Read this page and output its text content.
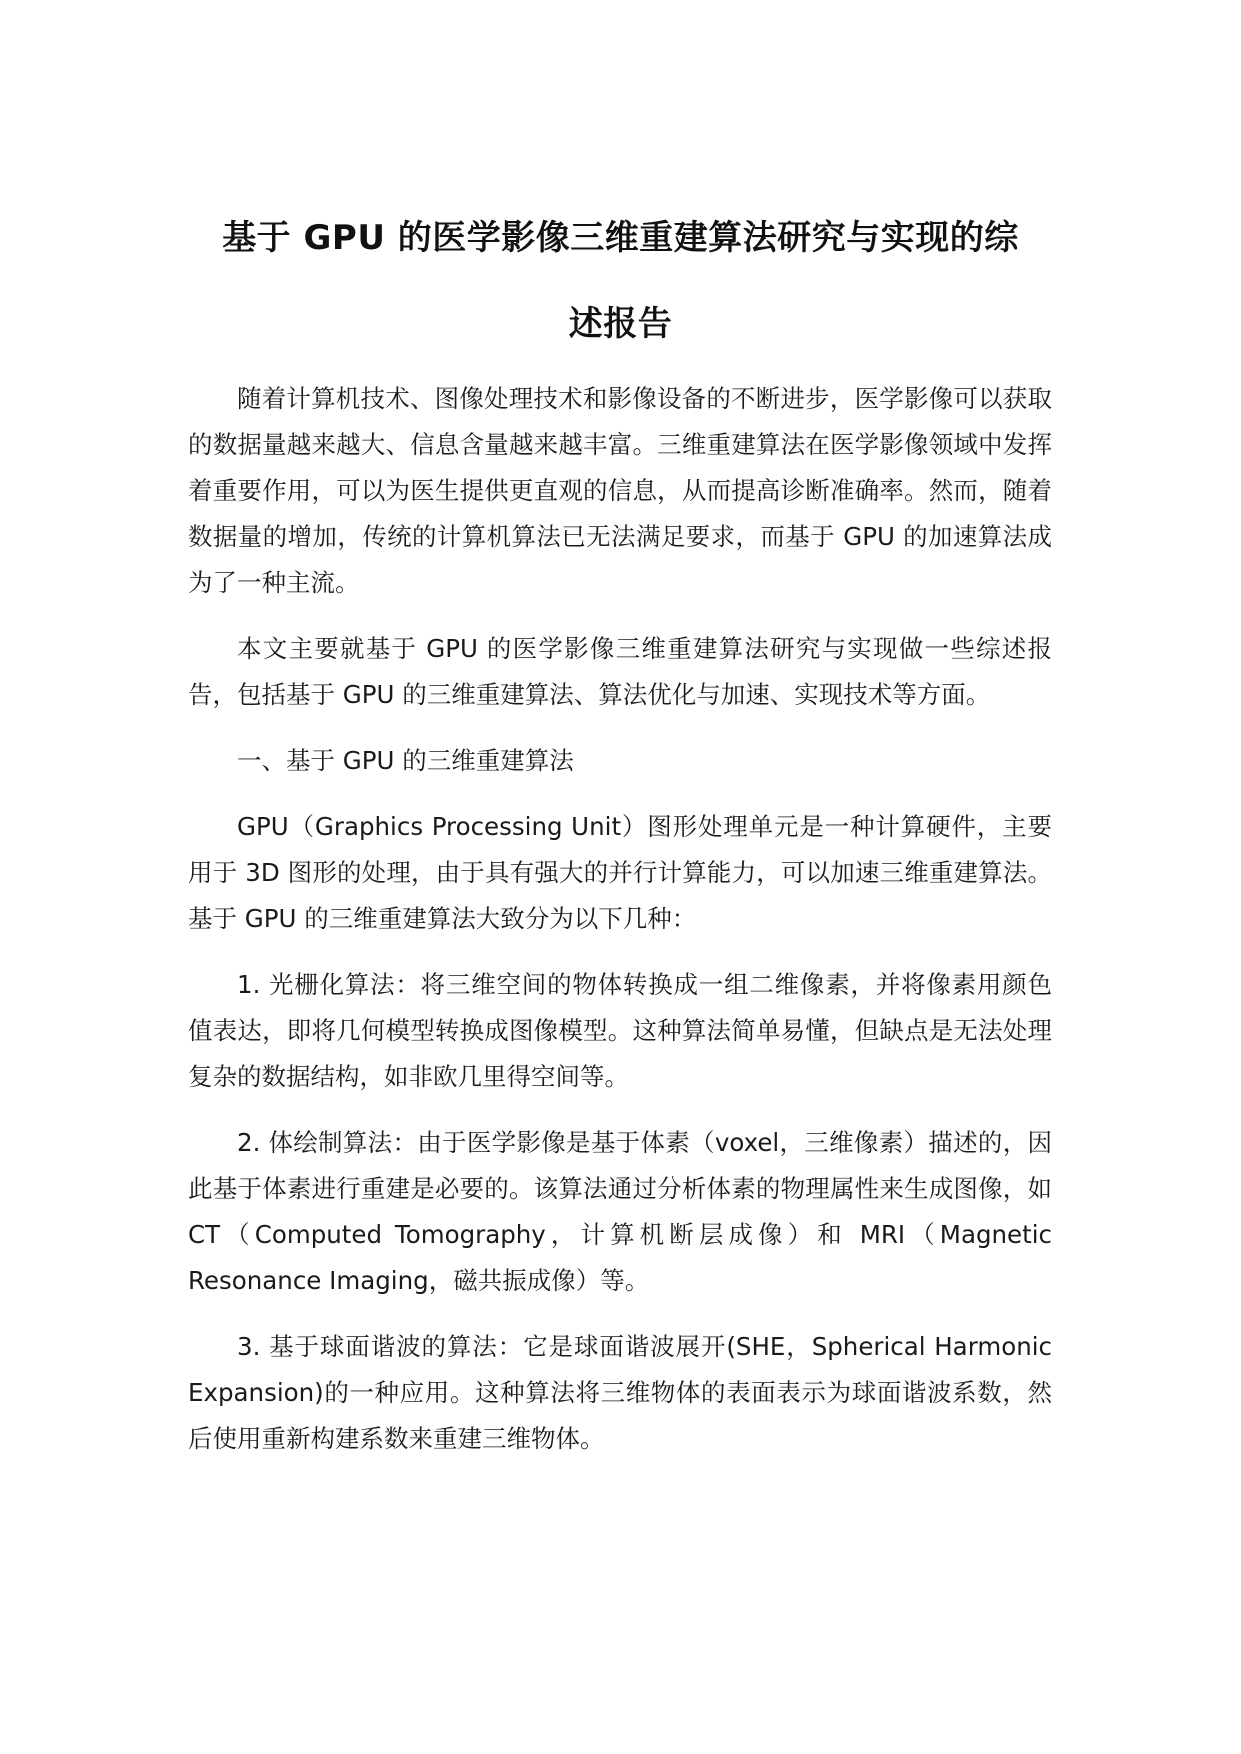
基于 GPU 的医学影像三维重建算法研究与实现的综
述报告

随着计算机技术、图像处理技术和影像设备的不断进步，医学影像可以获取的数据量越来越大、信息含量越来越丰富。三维重建算法在医学影像领域中发挥着重要作用，可以为医生提供更直观的信息，从而提高诊断准确率。然而，随着数据量的增加，传统的计算机算法已无法满足要求，而基于 GPU 的加速算法成为了一种主流。

本文主要就基于 GPU 的医学影像三维重建算法研究与实现做一些综述报告，包括基于 GPU 的三维重建算法、算法优化与加速、实现技术等方面。

一、基于 GPU 的三维重建算法

GPU（Graphics Processing Unit）图形处理单元是一种计算硬件，主要用于 3D 图形的处理，由于具有强大的并行计算能力，可以加速三维重建算法。基于 GPU 的三维重建算法大致分为以下几种：

1. 光栅化算法：将三维空间的物体转换成一组二维像素，并将像素用颜色值表达，即将几何模型转换成图像模型。这种算法简单易懂，但缺点是无法处理复杂的数据结构，如非欧几里得空间等。

2. 体绘制算法：由于医学影像是基于体素（voxel，三维像素）描述的，因此基于体素进行重建是必要的。该算法通过分析体素的物理属性来生成图像，如 CT（Computed Tomography，计算机断层成像）和 MRI（Magnetic Resonance Imaging，磁共振成像）等。

3. 基于球面谐波的算法：它是球面谐波展开(SHE，Spherical Harmonic Expansion)的一种应用。这种算法将三维物体的表面表示为球面谐波系数，然后使用重新构建系数来重建三维物体。
